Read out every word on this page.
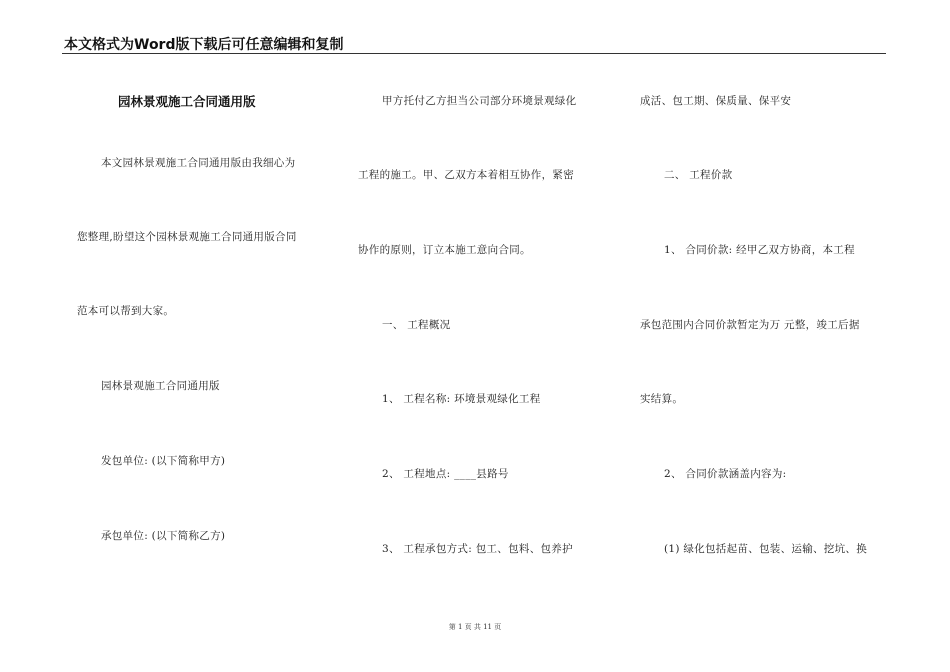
本文格式为Word版下载后可任意编辑和复制
园林景观施工合同通用版
本文园林景观施工合同通用版由我细心为
您整理,盼望这个园林景观施工合同通用版合同
范本可以帮到大家。
园林景观施工合同通用版
发包单位: (以下简称甲方)
承包单位: (以下简称乙方)
甲方托付乙方担当公司部分环境景观绿化
工程的施工。甲、乙双方本着相互协作，紧密
协作的原则，订立本施工意向合同。
一、 工程概况
1、 工程名称: 环境景观绿化工程
2、 工程地点: ____县路号
3、 工程承包方式: 包工、包料、包养护
成活、包工期、保质量、保平安
二、 工程价款
1、 合同价款: 经甲乙双方协商，本工程
承包范围内合同价款暂定为万 元整，竣工后据
实结算。
2、 合同价款涵盖内容为:
(1) 绿化包括起苗、包装、运输、挖坑、换
第 1 页 共 11 页
